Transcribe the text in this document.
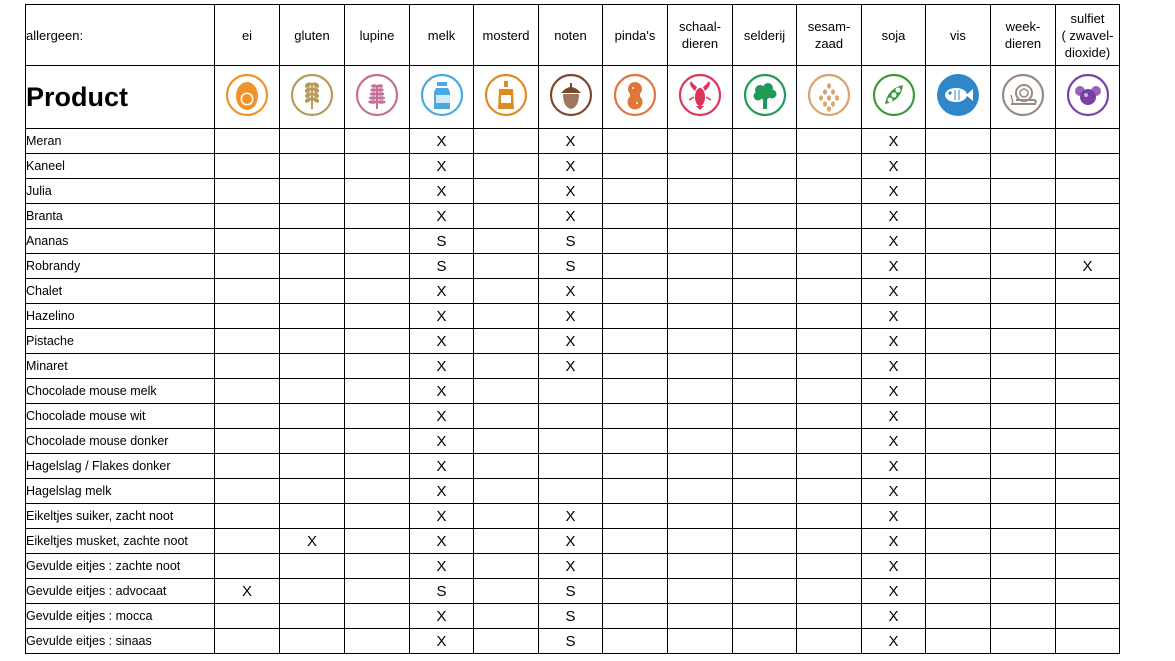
allergeen:	ei	gluten	lupine	melk	mosterd	noten	pinda's	schaal-
dieren	selderij	sesam-
zaad	soja	vis	week-
dieren	sulfiet
( zwavel-
dioxide)
Product	

Meran				X		X					X			
Kaneel				X		X					X			
Julia				X		X					X			
Branta				X		X					X			
Ananas				S		S					X			
Robrandy				S		S					X			X
Chalet				X		X					X			
Hazelino				X		X					X			
Pistache				X		X					X			
Minaret				X		X					X			
Chocolade mouse melk				X							X			
Chocolade mouse wit				X							X			
Chocolade mouse donker				X							X			
Hagelslag / Flakes donker				X							X			
Hagelslag melk				X							X			
Eikeltjes suiker, zacht noot				X		X					X			
Eikeltjes musket, zachte noot		X		X		X					X			
Gevulde eitjes : zachte noot				X		X					X			
Gevulde eitjes : advocaat	X			S		S					X			
Gevulde eitjes : mocca				X		S					X			
Gevulde eitjes : sinaas				X		S					X			
